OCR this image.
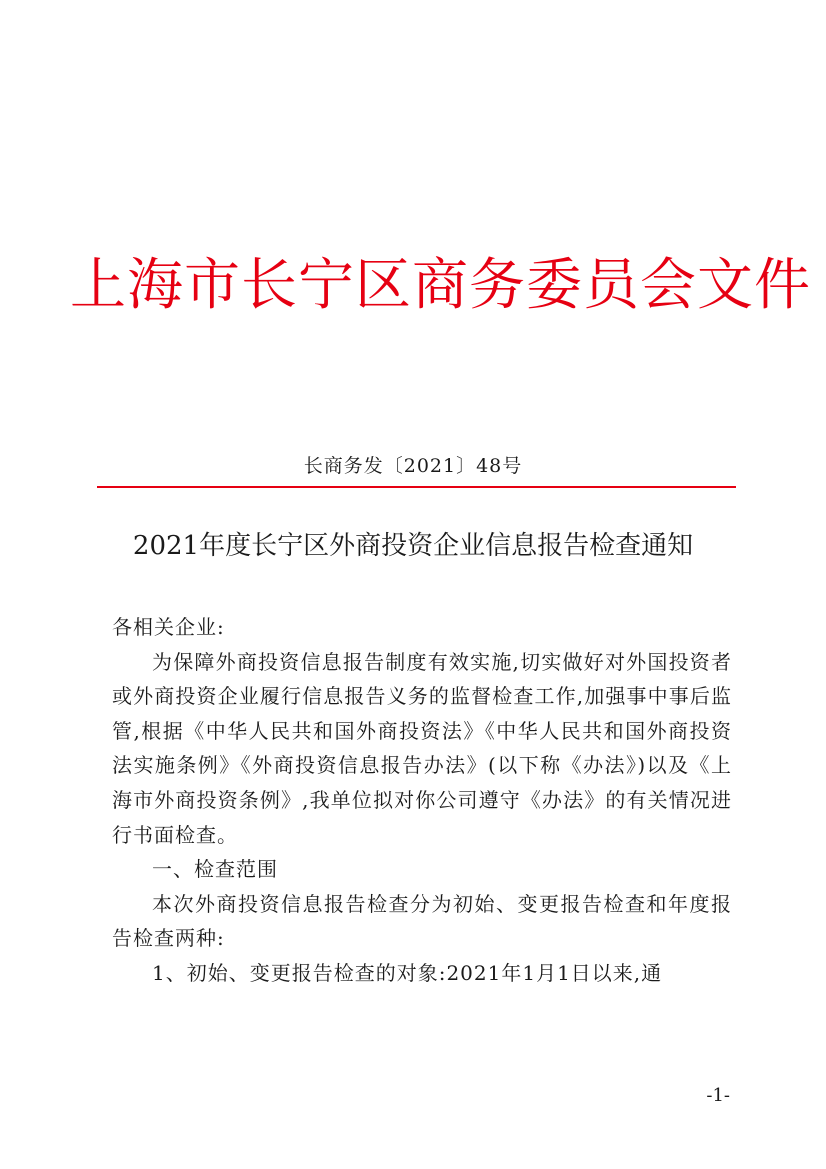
上海市长宁区商务委员会文件
长商务发〔2021〕48号
2021年度长宁区外商投资企业信息报告检查通知

各相关企业:

为保障外商投资信息报告制度有效实施,切实做好对外国投资者或外商投资企业履行信息报告义务的监督检查工作,加强事中事后监管,根据《中华人民共和国外商投资法》《中华人民共和国外商投资法实施条例》《外商投资信息报告办法》(以下称《办法》)以及《上海市外商投资条例》,我单位拟对你公司遵守《办法》的有关情况进行书面检查。

一、检查范围

本次外商投资信息报告检查分为初始、变更报告检查和年度报告检查两种:

1、初始、变更报告检查的对象:2021年1月1日以来,通

-1-
